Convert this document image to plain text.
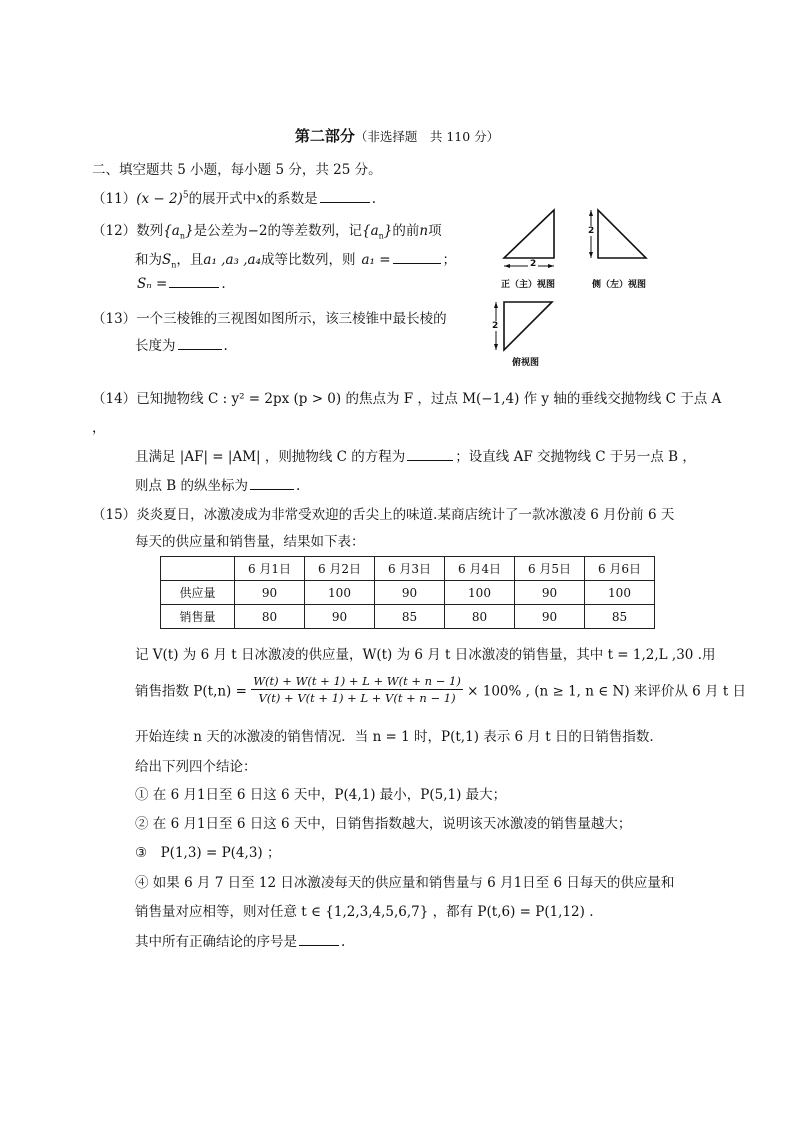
第二部分（非选择题　共 110 分）
二、填空题共 5 小题，每小题 5 分，共 25 分。
$(11)(x - 2)^5$的展开式中x的系数是	.
（12）数列$\{a_n\}$是公差为−2的等差数列，记$\{a_n\}$的前n项
和为$S_n$，且a₁ ,a₃ ,a₄成等比数列，则 a₁ =	；
Sₙ =	.
（13）一个三棱锥的三视图如图所示，该三棱锥中最长棱的
长度为	.
2
2
2
正（主）视图	侧（左）视图
俯视图
（14）已知抛物线 C : y² = 2px (p > 0) 的焦点为 F ，过点 M(−1,4) 作 y 轴的垂线交抛物线 C 于点 A
，
且满足 |AF| = |AM| ，则抛物线 C 的方程为	；设直线 AF 交抛物线 C 于另一点 B ，
则点 B 的纵坐标为	.
（15）炎炎夏日，冰激凌成为非常受欢迎的舌尖上的味道.某商店统计了一款冰激凌 6 月份前 6 天
每天的供应量和销售量，结果如下表：
	6 月1日	6 月2日	6 月3日	6 月4日	6 月5日	6 月6日
供应量	90	100	90	100	90	100
销售量	80	90	85	80	90	85
记 V(t) 为 6 月 t 日冰激凌的供应量，W(t) 为 6 月 t 日冰激凌的销售量，其中 t = 1,2,L ,30 .用
销售指数 $P(t,n) = \frac{W(t) + W(t + 1) + L + W(t + n - 1)}{V(t) + V(t + 1) + L + V(t + n - 1)} \times 100\%$ , (n ≥ 1, n ∈ N) 来评价从 6 月 t 日
开始连续 n 天的冰激凌的销售情况．当 n = 1 时，P(t,1) 表示 6 月 t 日的日销售指数.
给出下列四个结论：
① 在 6 月1日至 6 日这 6 天中，P(4,1) 最小，P(5,1) 最大；
② 在 6 月1日至 6 日这 6 天中，日销售指数越大，说明该天冰激凌的销售量越大；
③　P(1,3) = P(4,3) ；
④ 如果 6 月 7 日至 12 日冰激凌每天的供应量和销售量与 6 月1日至 6 日每天的供应量和
销售量对应相等，则对任意 t ∈ {1,2,3,4,5,6,7} ，都有 P(t,6) = P(1,12) .
其中所有正确结论的序号是	.
